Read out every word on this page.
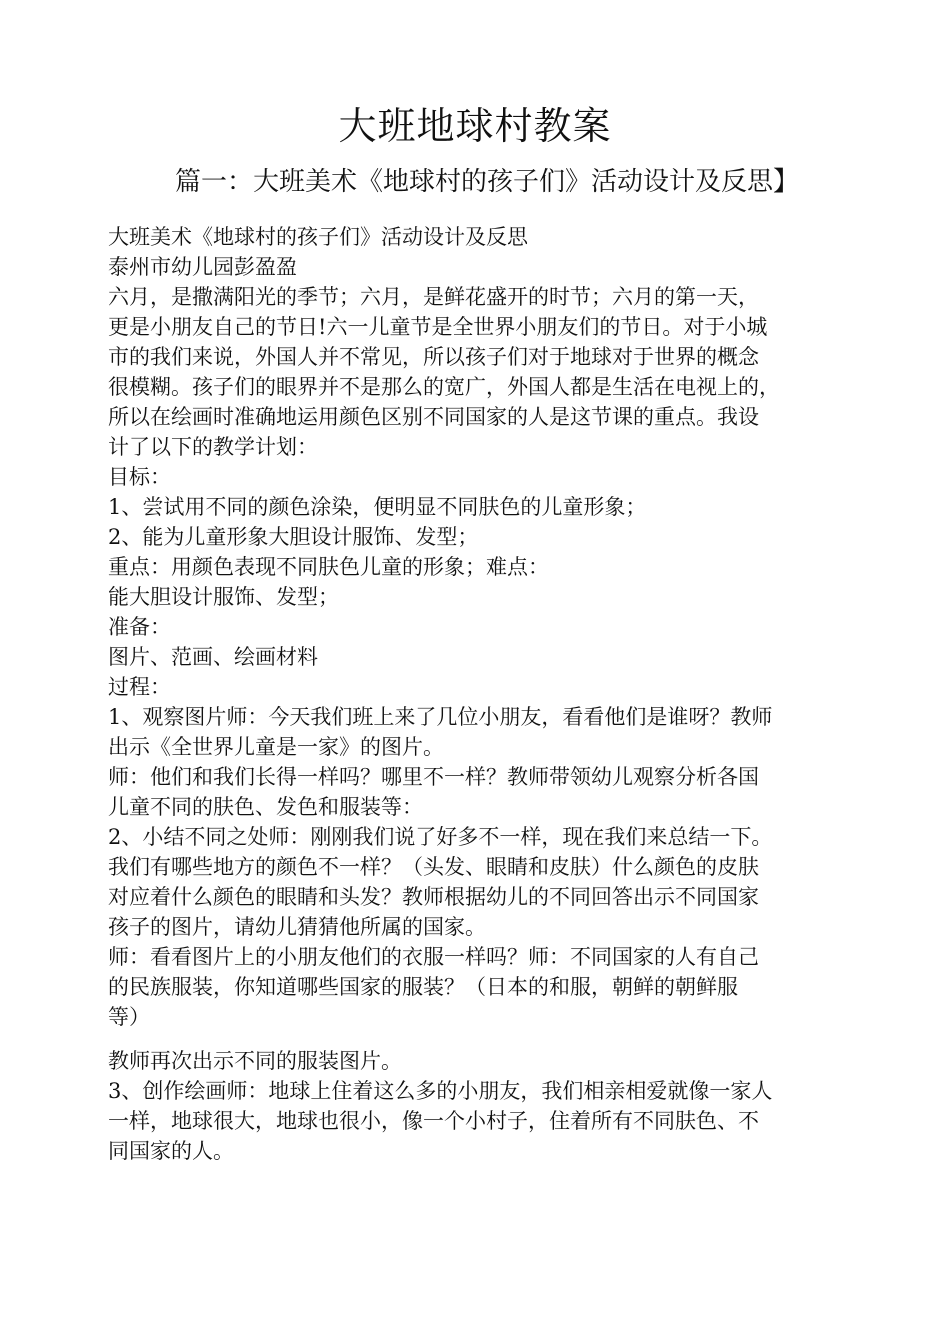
大班地球村教案
篇一：大班美术《地球村的孩子们》活动设计及反思】
大班美术《地球村的孩子们》活动设计及反思
泰州市幼儿园彭盈盈
六月，是撒满阳光的季节；六月，是鲜花盛开的时节；六月的第一天，
更是小朋友自己的节日!六一儿童节是全世界小朋友们的节日。对于小城
市的我们来说，外国人并不常见，所以孩子们对于地球对于世界的概念
很模糊。孩子们的眼界并不是那么的宽广，外国人都是生活在电视上的，
所以在绘画时准确地运用颜色区别不同国家的人是这节课的重点。我设
计了以下的教学计划：
目标：
1、尝试用不同的颜色涂染，便明显不同肤色的儿童形象；
2、能为儿童形象大胆设计服饰、发型；
重点：用颜色表现不同肤色儿童的形象；难点：
能大胆设计服饰、发型；
准备：
图片、范画、绘画材料
过程：
1、观察图片师：今天我们班上来了几位小朋友，看看他们是谁呀？教师
出示《全世界儿童是一家》的图片。
师：他们和我们长得一样吗？哪里不一样？教师带领幼儿观察分析各国
儿童不同的肤色、发色和服装等：
2、小结不同之处师：刚刚我们说了好多不一样，现在我们来总结一下。
我们有哪些地方的颜色不一样？（头发、眼睛和皮肤）什么颜色的皮肤
对应着什么颜色的眼睛和头发？教师根据幼儿的不同回答出示不同国家
孩子的图片，请幼儿猜猜他所属的国家。
师：看看图片上的小朋友他们的衣服一样吗？师：不同国家的人有自己
的民族服装，你知道哪些国家的服装？（日本的和服，朝鲜的朝鲜服
等）
教师再次出示不同的服装图片。
3、创作绘画师：地球上住着这么多的小朋友，我们相亲相爱就像一家人
一样，地球很大，地球也很小，像一个小村子，住着所有不同肤色、不
同国家的人。
